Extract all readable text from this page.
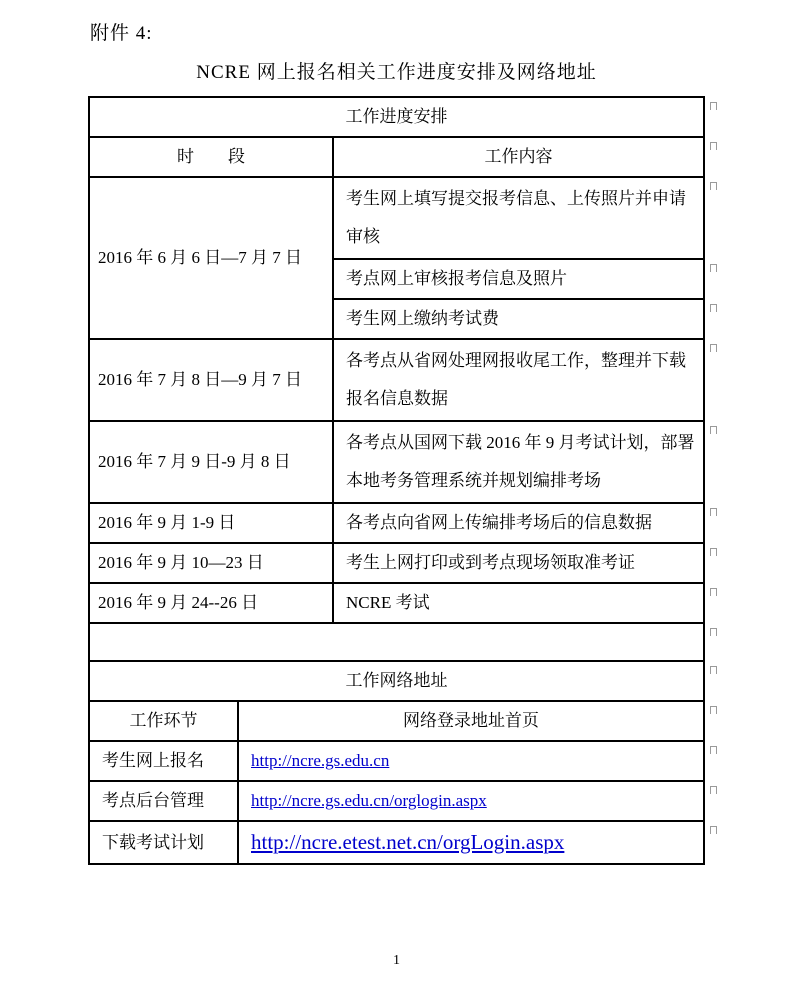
附件 4:
NCRE 网上报名相关工作进度安排及网络地址
工作进度安排	

时　　段	工作内容

2016 年 6 月 6 日—7 月 7 日	考生网上填写提交报考信息、上传照片并申请审核

	考点网上审核报考信息及照片

	考生网上缴纳考试费

2016 年 7 月 8 日—9 月 7 日	各考点从省网处理网报收尾工作，整理并下载报名信息数据

2016 年 7 月 9 日-9 月 8 日	各考点从国网下载 2016 年 9 月考试计划，部署本地考务管理系统并规划编排考场

2016 年 9 月 1-9 日	各考点向省网上传编排考场后的信息数据

2016 年 9 月 10—23 日	考生上网打印或到考点现场领取准考证

2016 年 9 月 24--26 日	NCRE 考试

工作网络地址	

工作环节	网络登录地址首页

考生网上报名	http://ncre.gs.edu.cn

考点后台管理	http://ncre.gs.edu.cn/orglogin.aspx

下载考试计划	http://ncre.etest.net.cn/orgLogin.aspx
1
